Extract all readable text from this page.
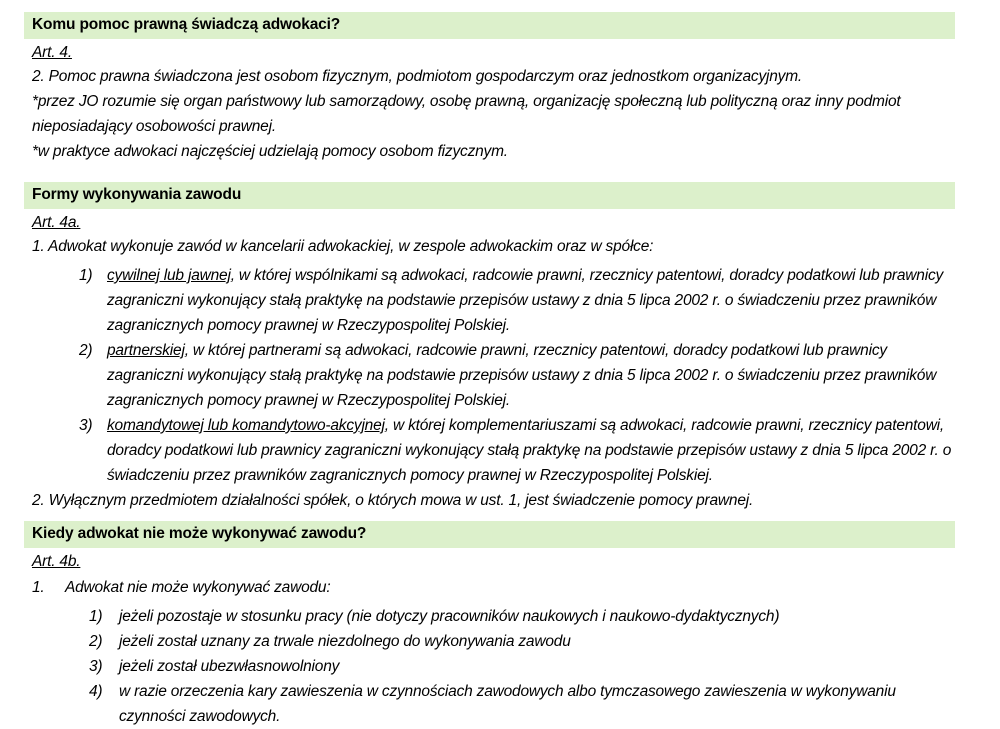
Komu pomoc prawną świadczą adwokaci?
Art. 4.

2. Pomoc prawna świadczona jest osobom fizycznym, podmiotom gospodarczym oraz jednostkom organizacyjnym.

*przez JO rozumie się organ państwowy lub samorządowy, osobę prawną, organizację społeczną lub polityczną oraz inny podmiot nieposiadający osobowości prawnej.

*w praktyce adwokaci najczęściej udzielają pomocy osobom fizycznym.

Formy wykonywania zawodu
Art. 4a.

1. Adwokat wykonuje zawód w kancelarii adwokackiej, w zespole adwokackim oraz w spółce:

1) cywilnej lub jawnej, w której wspólnikami są adwokaci, radcowie prawni, rzecznicy patentowi, doradcy podatkowi lub prawnicy zagraniczni wykonujący stałą praktykę na podstawie przepisów ustawy z dnia 5 lipca 2002 r. o świadczeniu przez prawników zagranicznych pomocy prawnej w Rzeczypospolitej Polskiej.
2) partnerskiej, w której partnerami są adwokaci, radcowie prawni, rzecznicy patentowi, doradcy podatkowi lub prawnicy zagraniczni wykonujący stałą praktykę na podstawie przepisów ustawy z dnia 5 lipca 2002 r. o świadczeniu przez prawników zagranicznych pomocy prawnej w Rzeczypospolitej Polskiej.
3) komandytowej lub komandytowo-akcyjnej, w której komplementariuszami są adwokaci, radcowie prawni, rzecznicy patentowi, doradcy podatkowi lub prawnicy zagraniczni wykonujący stałą praktykę na podstawie przepisów ustawy z dnia 5 lipca 2002 r. o świadczeniu przez prawników zagranicznych pomocy prawnej w Rzeczypospolitej Polskiej.

2. Wyłącznym przedmiotem działalności spółek, o których mowa w ust. 1, jest świadczenie pomocy prawnej.

Kiedy adwokat nie może wykonywać zawodu?
Art. 4b.
1.	Adwokat nie może wykonywać zawodu:
1)	jeżeli pozostaje w stosunku pracy (nie dotyczy pracowników naukowych i naukowo-dydaktycznych)
2)	jeżeli został uznany za trwale niezdolnego do wykonywania zawodu
3)	jeżeli został ubezwłasnowolniony
4)	w razie orzeczenia kary zawieszenia w czynnościach zawodowych albo tymczasowego zawieszenia w wykonywaniu czynności zawodowych.
